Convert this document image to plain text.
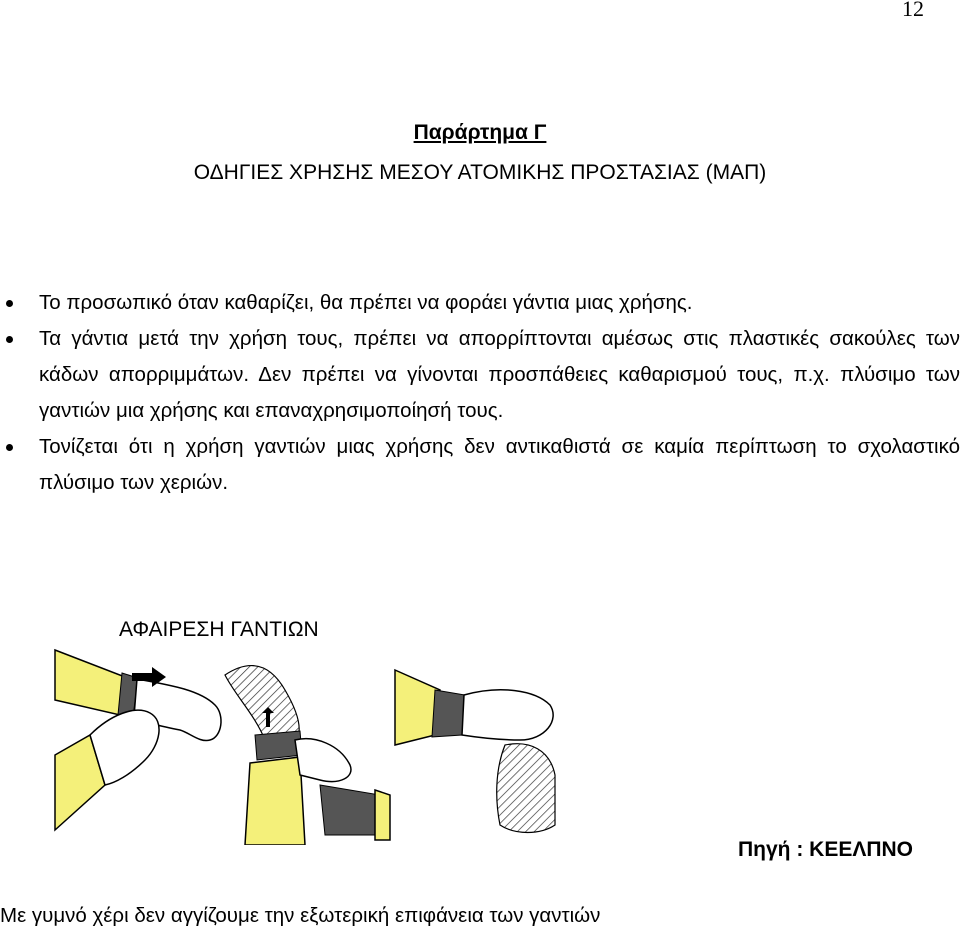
12
Παράρτημα Γ
ΟΔΗΓΙΕΣ ΧΡΗΣΗΣ ΜΕΣΟΥ ΑΤΟΜΙΚΗΣ ΠΡΟΣΤΑΣΙΑΣ (ΜΑΠ)
Το προσωπικό όταν καθαρίζει, θα πρέπει να φοράει γάντια μιας χρήσης.
Τα γάντια μετά την χρήση τους, πρέπει να απορρίπτονται αμέσως στις πλαστικές σακούλες των κάδων απορριμμάτων. Δεν πρέπει να γίνονται προσπάθειες καθαρισμού τους, π.χ. πλύσιμο των γαντιών μια χρήσης και επαναχρησιμοποίησή τους.
Τονίζεται ότι η χρήση γαντιών μιας χρήσης δεν αντικαθιστά σε καμία περίπτωση το σχολαστικό πλύσιμο των χεριών.
ΑΦΑΙΡΕΣΗ ΓΑΝΤΙΩΝ
Πηγή : ΚΕΕΛΠΝΟ
Με γυμνό χέρι δεν αγγίζουμε την εξωτερική επιφάνεια των γαντιών
